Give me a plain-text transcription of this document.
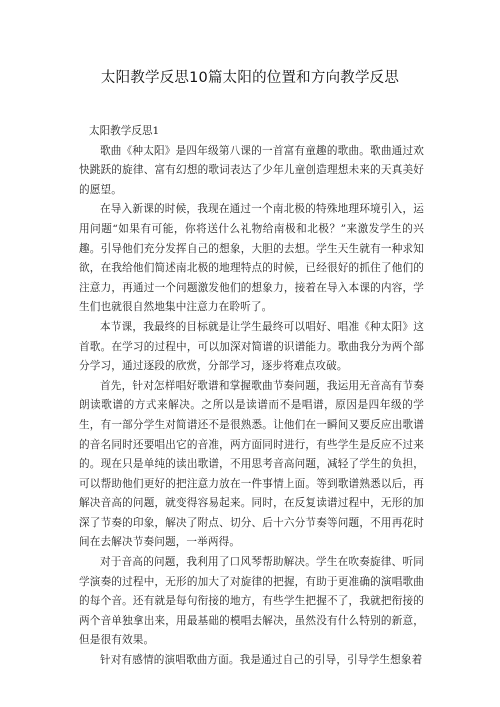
太阳教学反思10篇太阳的位置和方向教学反思
太阳教学反思1

歌曲《种太阳》是四年级第八课的一首富有童趣的歌曲。歌曲通过欢快跳跃的旋律、富有幻想的歌词表达了少年儿童创造理想未来的天真美好的愿望。

在导入新课的时候，我现在通过一个南北极的特殊地理环境引入，运用问题“如果有可能，你将送什么礼物给南极和北极？”来激发学生的兴趣。引导他们充分发挥自己的想象，大胆的去想。学生天生就有一种求知欲，在我给他们简述南北极的地理特点的时候，已经很好的抓住了他们的注意力，再通过一个问题激发他们的想象力，接着在导入本课的内容，学生们也就很自然地集中注意力在聆听了。

本节课，我最终的目标就是让学生最终可以唱好、唱准《种太阳》这首歌。在学习的过程中，可以加深对简谱的识谱能力。歌曲我分为两个部分学习，通过逐段的欣赏，分部学习，逐步将难点攻破。

首先，针对怎样唱好歌谱和掌握歌曲节奏问题，我运用无音高有节奏朗读歌谱的方式来解决。之所以是读谱而不是唱谱，原因是四年级的学生，有一部分学生对简谱还不是很熟悉。让他们在一瞬间又要反应出歌谱的音名同时还要唱出它的音准，两方面同时进行，有些学生是反应不过来的。现在只是单纯的读出歌谱，不用思考音高问题，减轻了学生的负担，可以帮助他们更好的把注意力放在一件事情上面。等到歌谱熟悉以后，再解决音高的问题，就变得容易起来。同时，在反复读谱过程中，无形的加深了节奏的印象，解决了附点、切分、后十六分节奏等问题，不用再花时间在去解决节奏问题，一举两得。

对于音高的问题，我利用了口风琴帮助解决。学生在吹奏旋律、听同学演奏的过程中，无形的加大了对旋律的把握，有助于更准确的演唱歌曲的每个音。还有就是每句衔接的地方，有些学生把握不了，我就把衔接的两个音单独拿出来，用最基础的模唱去解决，虽然没有什么特别的新意，但是很有效果。

针对有感情的演唱歌曲方面。我是通过自己的引导，引导学生想象着
